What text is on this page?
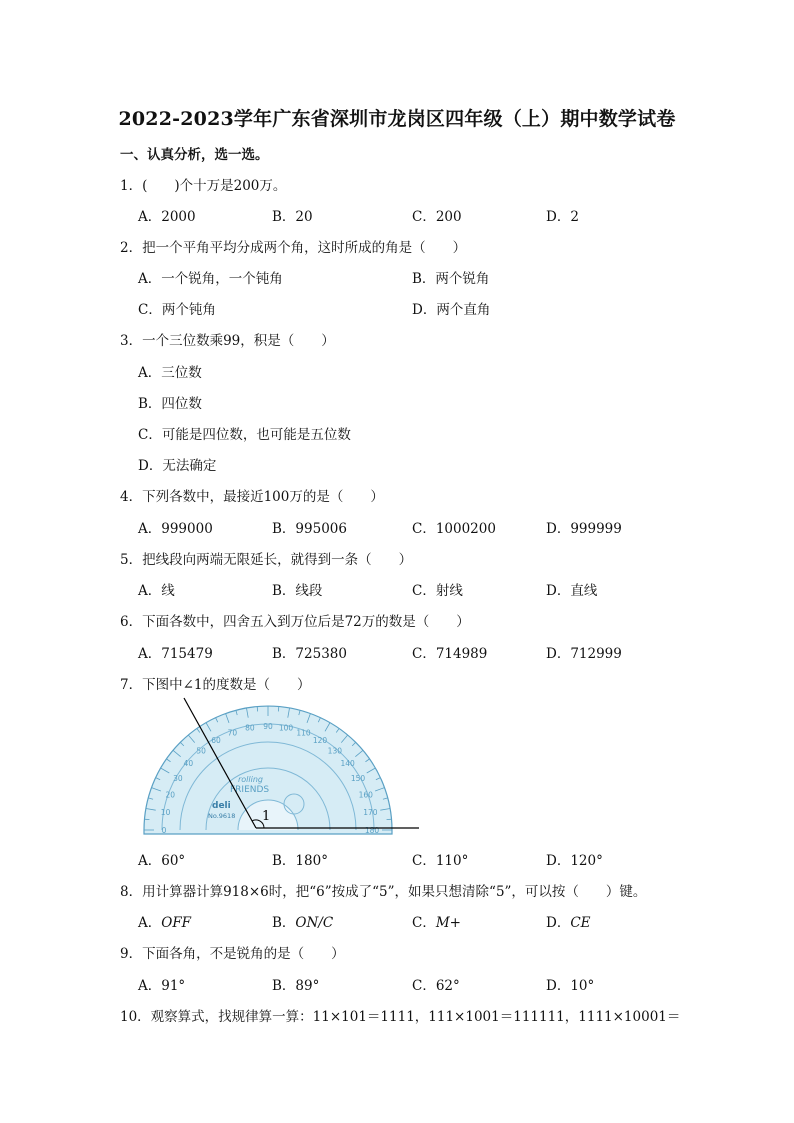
2022-2023学年广东省深圳市龙岗区四年级（上）期中数学试卷
一、认真分析，选一选。
1．(　　)个十万是200万。
A．2000	B．20	C．200	D．2
2．把一个平角平均分成两个角，这时所成的角是（　　）
A．一个锐角，一个钝角	B．两个锐角
C．两个钝角	D．两个直角
3．一个三位数乘99，积是（　　）
A．三位数
B．四位数
C．可能是四位数，也可能是五位数
D．无法确定
4．下列各数中，最接近100万的是（　　）
A．999000	B．995006	C．1000200	D．999999
5．把线段向两端无限延长，就得到一条（　　）
A．线	B．线段	C．射线	D．直线
6．下面各数中，四舍五入到万位后是72万的数是（　　）
A．715479	B．725380	C．714989	D．712999
7．下图中∠1的度数是（　　）
0
10
20
30
40
50
60
70
80 90 100
110
120
130
140
150
160
170
180
rolling
FRIENDS
deli
No.9618 1
A．60°	B．180°	C．110°	D．120°
8．用计算器计算918×6时，把“6”按成了“5”，如果只想清除“5”，可以按（　　）键。
A．OFF	B．ON/C	C．M+	D．CE
9．下面各角，不是锐角的是（　　）
A．91°	B．89°	C．62°	D．10°
10．观察算式，找规律算一算：11×101＝1111，111×1001＝111111，1111×10001＝
